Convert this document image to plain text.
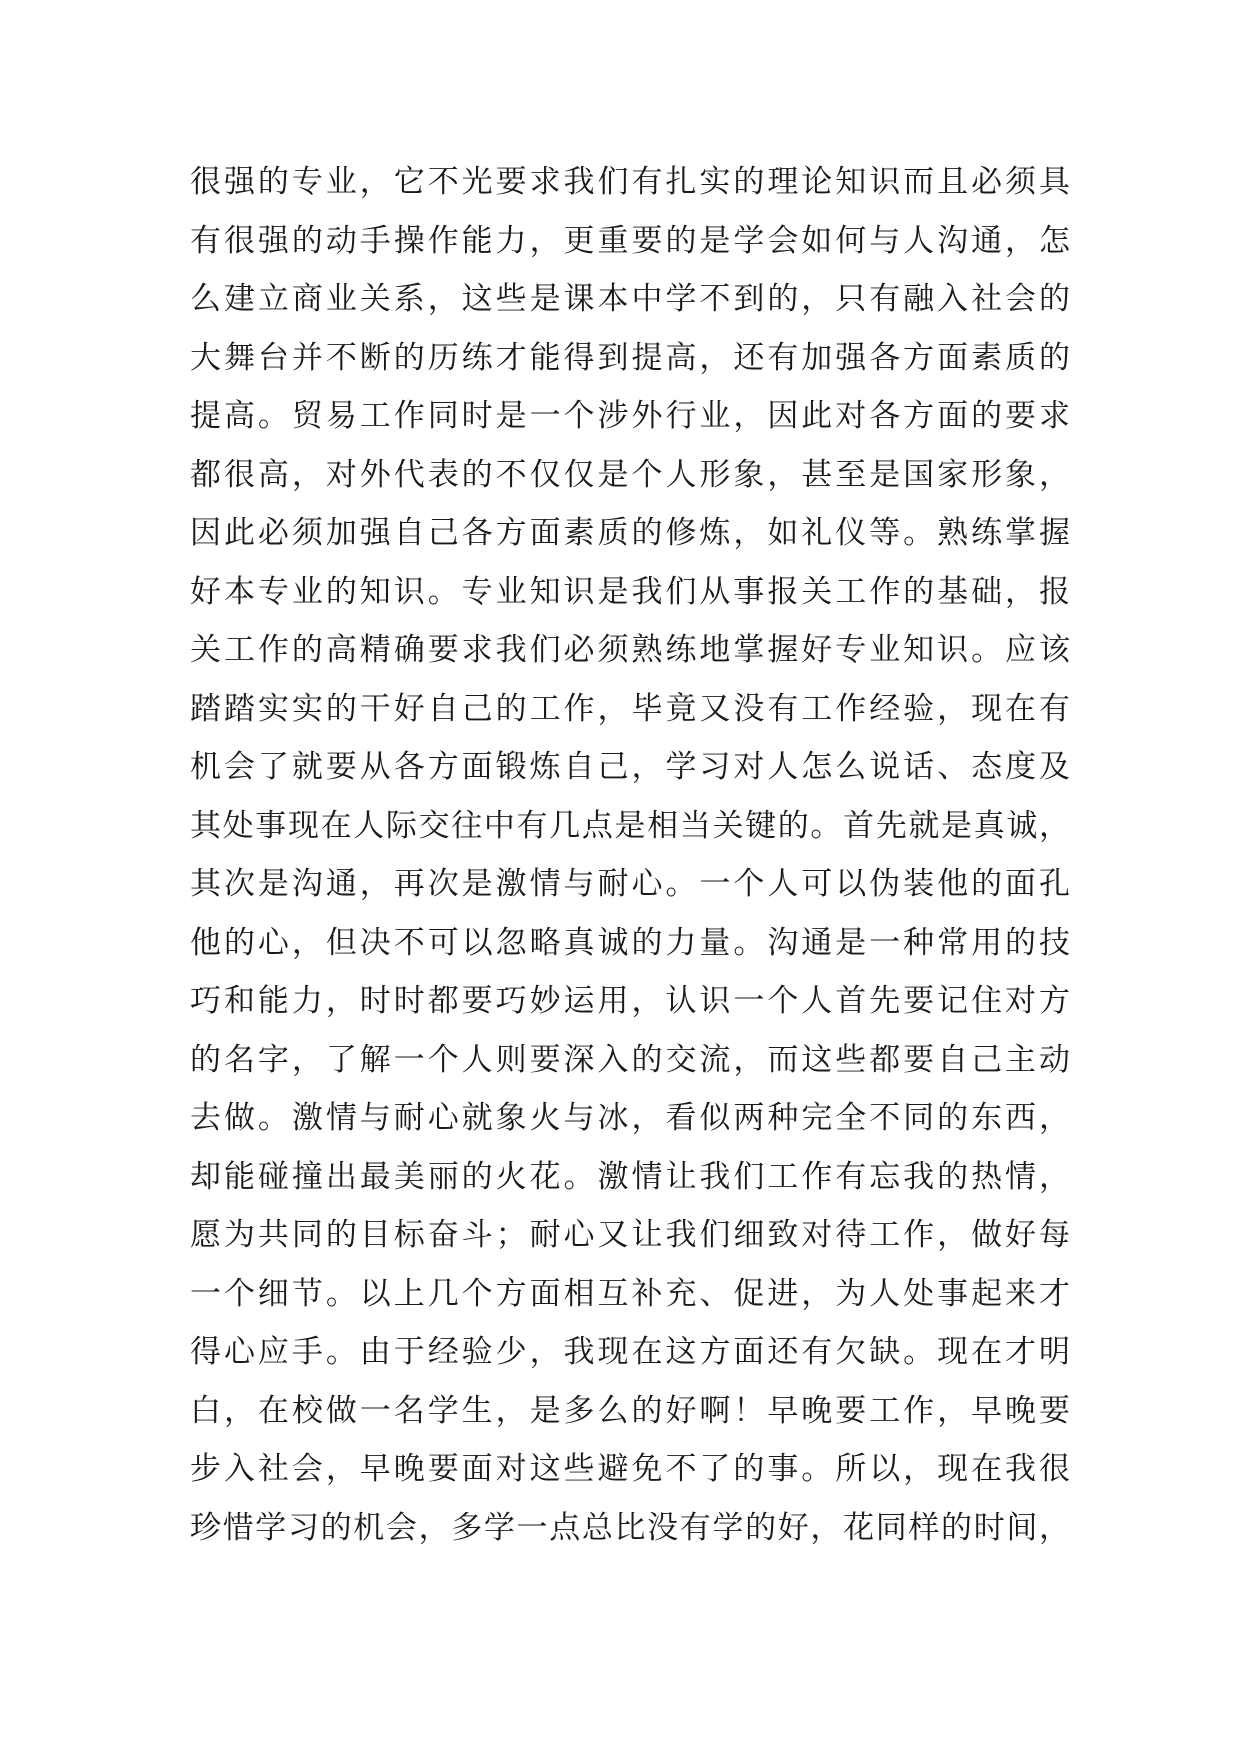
很强的专业，它不光要求我们有扎实的理论知识而且必须具
有很强的动手操作能力，更重要的是学会如何与人沟通，怎
么建立商业关系，这些是课本中学不到的，只有融入社会的
大舞台并不断的历练才能得到提高，还有加强各方面素质的
提高。贸易工作同时是一个涉外行业，因此对各方面的要求
都很高，对外代表的不仅仅是个人形象，甚至是国家形象，
因此必须加强自己各方面素质的修炼，如礼仪等。熟练掌握
好本专业的知识。专业知识是我们从事报关工作的基础，报
关工作的高精确要求我们必须熟练地掌握好专业知识。应该
踏踏实实的干好自己的工作，毕竟又没有工作经验，现在有
机会了就要从各方面锻炼自己，学习对人怎么说话、态度及
其处事现在人际交往中有几点是相当关键的。首先就是真诚，
其次是沟通，再次是激情与耐心。一个人可以伪装他的面孔
他的心，但决不可以忽略真诚的力量。沟通是一种常用的技
巧和能力，时时都要巧妙运用，认识一个人首先要记住对方
的名字，了解一个人则要深入的交流，而这些都要自己主动
去做。激情与耐心就象火与冰，看似两种完全不同的东西，
却能碰撞出最美丽的火花。激情让我们工作有忘我的热情，
愿为共同的目标奋斗；耐心又让我们细致对待工作，做好每
一个细节。以上几个方面相互补充、促进，为人处事起来才
得心应手。由于经验少，我现在这方面还有欠缺。现在才明
白，在校做一名学生，是多么的好啊！早晚要工作，早晚要
步入社会，早晚要面对这些避免不了的事。所以，现在我很
珍惜学习的机会，多学一点总比没有学的好，花同样的时间，
